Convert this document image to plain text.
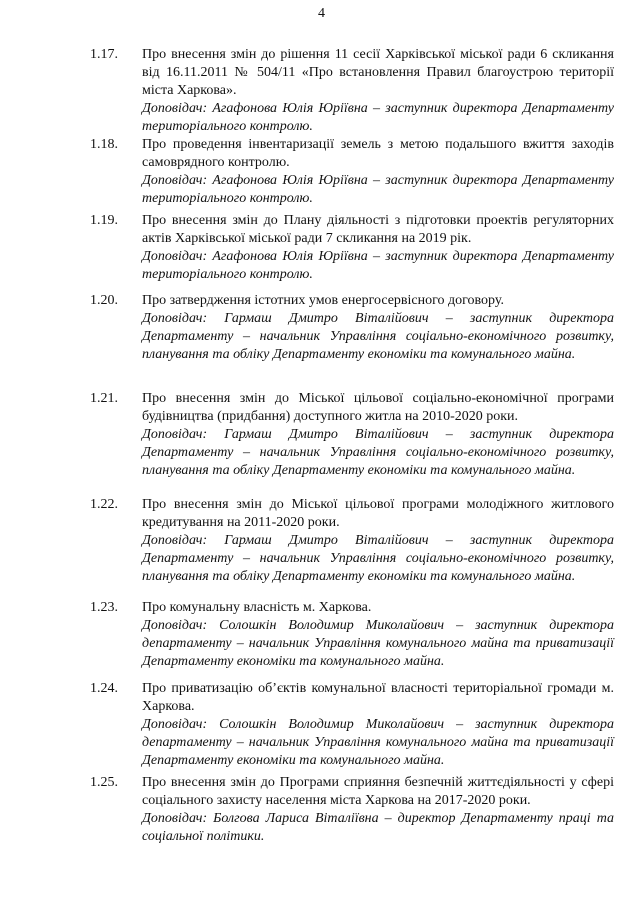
4
1.17.	Про внесення змін до рішення 11 сесії Харківської міської ради 6 скликання від 16.11.2011 № 504/11 «Про встановлення Правил благоустрою території міста Харкова».

Доповідач: Агафонова Юлія Юріївна – заступник директора Департаменту територіального контролю.

1.18.	Про проведення інвентаризації земель з метою подальшого вжиття заходів самоврядного контролю.

Доповідач: Агафонова Юлія Юріївна – заступник директора Департаменту територіального контролю.

1.19.	Про внесення змін до Плану діяльності з підготовки проектів регуляторних актів Харківської міської ради 7 скликання на 2019 рік.

Доповідач: Агафонова Юлія Юріївна – заступник директора Департаменту територіального контролю.

1.20.	Про затвердження істотних умов енергосервісного договору.

Доповідач: Гармаш Дмитро Віталійович – заступник директора Департаменту – начальник Управління соціально-економічного розвитку, планування та обліку Департаменту економіки та комунального майна.

1.21.	Про внесення змін до Міської цільової соціально-економічної програми будівництва (придбання) доступного житла на 2010-2020 роки.

Доповідач: Гармаш Дмитро Віталійович – заступник директора Департаменту – начальник Управління соціально-економічного розвитку, планування та обліку Департаменту економіки та комунального майна.

1.22.	Про внесення змін до Міської цільової програми молодіжного житлового кредитування на 2011-2020 роки.

Доповідач: Гармаш Дмитро Віталійович – заступник директора Департаменту – начальник Управління соціально-економічного розвитку, планування та обліку Департаменту економіки та комунального майна.

1.23.	Про комунальну власність м. Харкова.

Доповідач: Солошкін Володимир Миколайович – заступник директора департаменту – начальник Управління комунального майна та приватизації Департаменту економіки та комунального майна.

1.24.	Про приватизацію об’єктів комунальної власності територіальної громади м. Харкова.

Доповідач: Солошкін Володимир Миколайович – заступник директора департаменту – начальник Управління комунального майна та приватизації Департаменту економіки та комунального майна.

1.25.	Про внесення змін до Програми сприяння безпечній життєдіяльності у сфері соціального захисту населення міста Харкова на 2017-2020 роки.

Доповідач: Болгова Лариса Віталіївна – директор Департаменту праці та соціальної політики.
